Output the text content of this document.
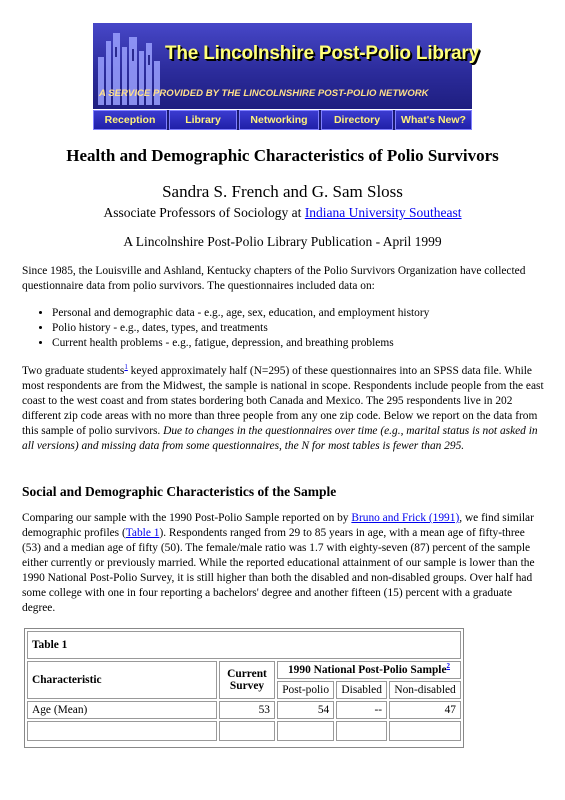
The Lincolnshire Post-Polio Library
A SERVICE PROVIDED BY THE LINCOLNSHIRE POST-POLIO NETWORK
Reception	Library	Networking	Directory	What's New?
Health and Demographic Characteristics of Polio Survivors
Sandra S. French and G. Sam Sloss
Associate Professors of Sociology at Indiana University Southeast
A Lincolnshire Post-Polio Library Publication - April 1999

Since 1985, the Louisville and Ashland, Kentucky chapters of the Polio Survivors Organization have collected questionnaire data from polio survivors. The questionnaires included data on:

• Personal and demographic data - e.g., age, sex, education, and employment history
• Polio history - e.g., dates, types, and treatments
• Current health problems - e.g., fatigue, depression, and breathing problems

Two graduate students$^1$ keyed approximately half (N=295) of these questionnaires into an SPSS data file. While most respondents are from the Midwest, the sample is national in scope. Respondents include people from the east coast to the west coast and from states bordering both Canada and Mexico. The 295 respondents live in 202 different zip code areas with no more than three people from any one zip code. Below we report on the data from this sample of polio survivors. Due to changes in the questionnaires over time (e.g., marital status is not asked in all versions) and missing data from some questionnaires, the N for most tables is fewer than 295.

Social and Demographic Characteristics of the Sample

Comparing our sample with the 1990 Post-Polio Sample reported on by Bruno and Frick (1991), we find similar demographic profiles (Table 1). Respondents ranged from 29 to 85 years in age, with a mean age of fifty-three (53) and a median age of fifty (50). The female/male ratio was 1.7 with eighty-seven (87) percent of the sample either currently or previously married. While the reported educational attainment of our sample is lower than the 1990 National Post-Polio Survey, it is still higher than both the disabled and non-disabled groups. Over half had some college with one in four reporting a bachelors' degree and another fifteen (15) percent with a graduate degree.

Table 1				
Characteristic	Current Survey	1990 National Post-Polio Sample$^2$
		Post-polio	Disabled	Non-disabled
Age (Mean)	53	54	--	47
